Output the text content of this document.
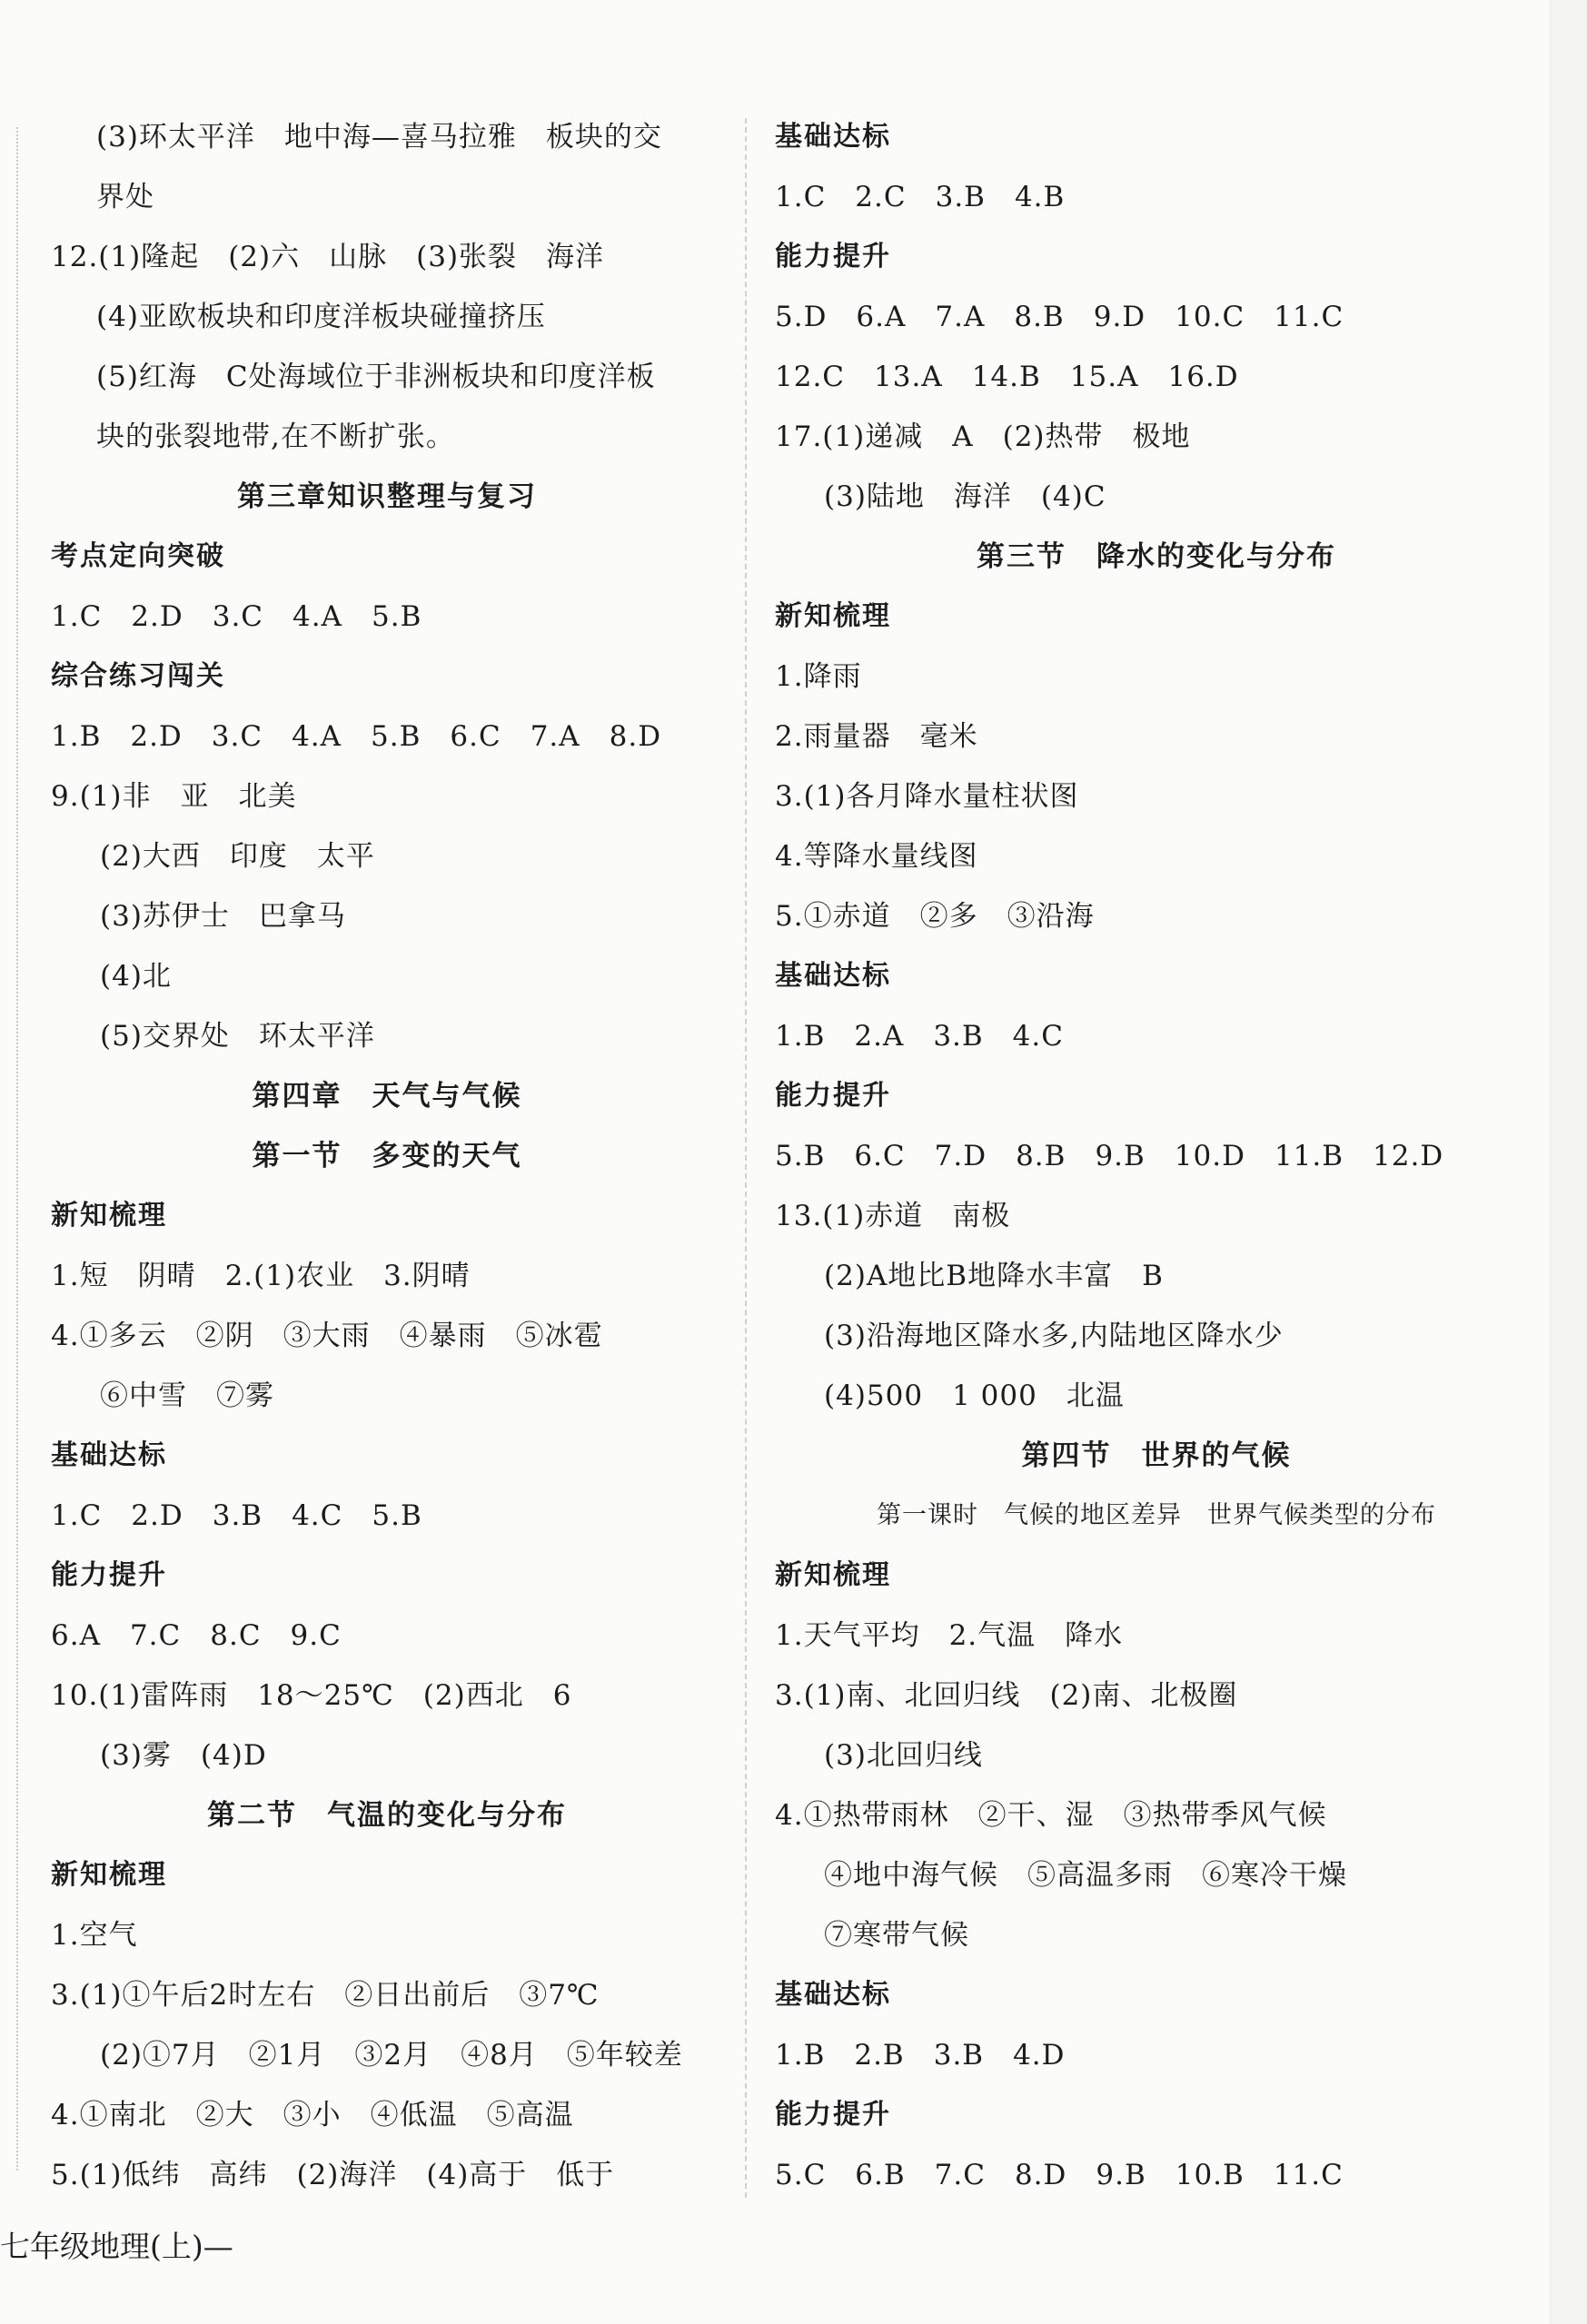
(3)环太平洋　地中海—喜马拉雅　板块的交
界处
12.(1)隆起　(2)六　山脉　(3)张裂　海洋
(4)亚欧板块和印度洋板块碰撞挤压
(5)红海　C处海域位于非洲板块和印度洋板
块的张裂地带,在不断扩张。
第三章知识整理与复习
考点定向突破
1.C　2.D　3.C　4.A　5.B
综合练习闯关
1.B　2.D　3.C　4.A　5.B　6.C　7.A　8.D
9.(1)非　亚　北美
(2)大西　印度　太平
(3)苏伊士　巴拿马
(4)北
(5)交界处　环太平洋
第四章　天气与气候
第一节　多变的天气
新知梳理
1.短　阴晴　2.(1)农业　3.阴晴
4.①多云　②阴　③大雨　④暴雨　⑤冰雹
⑥中雪　⑦雾
基础达标
1.C　2.D　3.B　4.C　5.B
能力提升
6.A　7.C　8.C　9.C
10.(1)雷阵雨　18～25℃　(2)西北　6
(3)雾　(4)D
第二节　气温的变化与分布
新知梳理
1.空气
3.(1)①午后2时左右　②日出前后　③7℃
(2)①7月　②1月　③2月　④8月　⑤年较差
4.①南北　②大　③小　④低温　⑤高温
5.(1)低纬　高纬　(2)海洋　(4)高于　低于
基础达标
1.C　2.C　3.B　4.B
能力提升
5.D　6.A　7.A　8.B　9.D　10.C　11.C
12.C　13.A　14.B　15.A　16.D
17.(1)递减　A　(2)热带　极地
(3)陆地　海洋　(4)C
第三节　降水的变化与分布
新知梳理
1.降雨
2.雨量器　毫米
3.(1)各月降水量柱状图
4.等降水量线图
5.①赤道　②多　③沿海
基础达标
1.B　2.A　3.B　4.C
能力提升
5.B　6.C　7.D　8.B　9.B　10.D　11.B　12.D
13.(1)赤道　南极
(2)A地比B地降水丰富　B
(3)沿海地区降水多,内陆地区降水少
(4)500　1 000　北温
第四节　世界的气候
第一课时　气候的地区差异　世界气候类型的分布
新知梳理
1.天气平均　2.气温　降水
3.(1)南、北回归线　(2)南、北极圈
(3)北回归线
4.①热带雨林　②干、湿　③热带季风气候
④地中海气候　⑤高温多雨　⑥寒冷干燥
⑦寒带气候
基础达标
1.B　2.B　3.B　4.D
能力提升
5.C　6.B　7.C　8.D　9.B　10.B　11.C
七年级地理(上)—
